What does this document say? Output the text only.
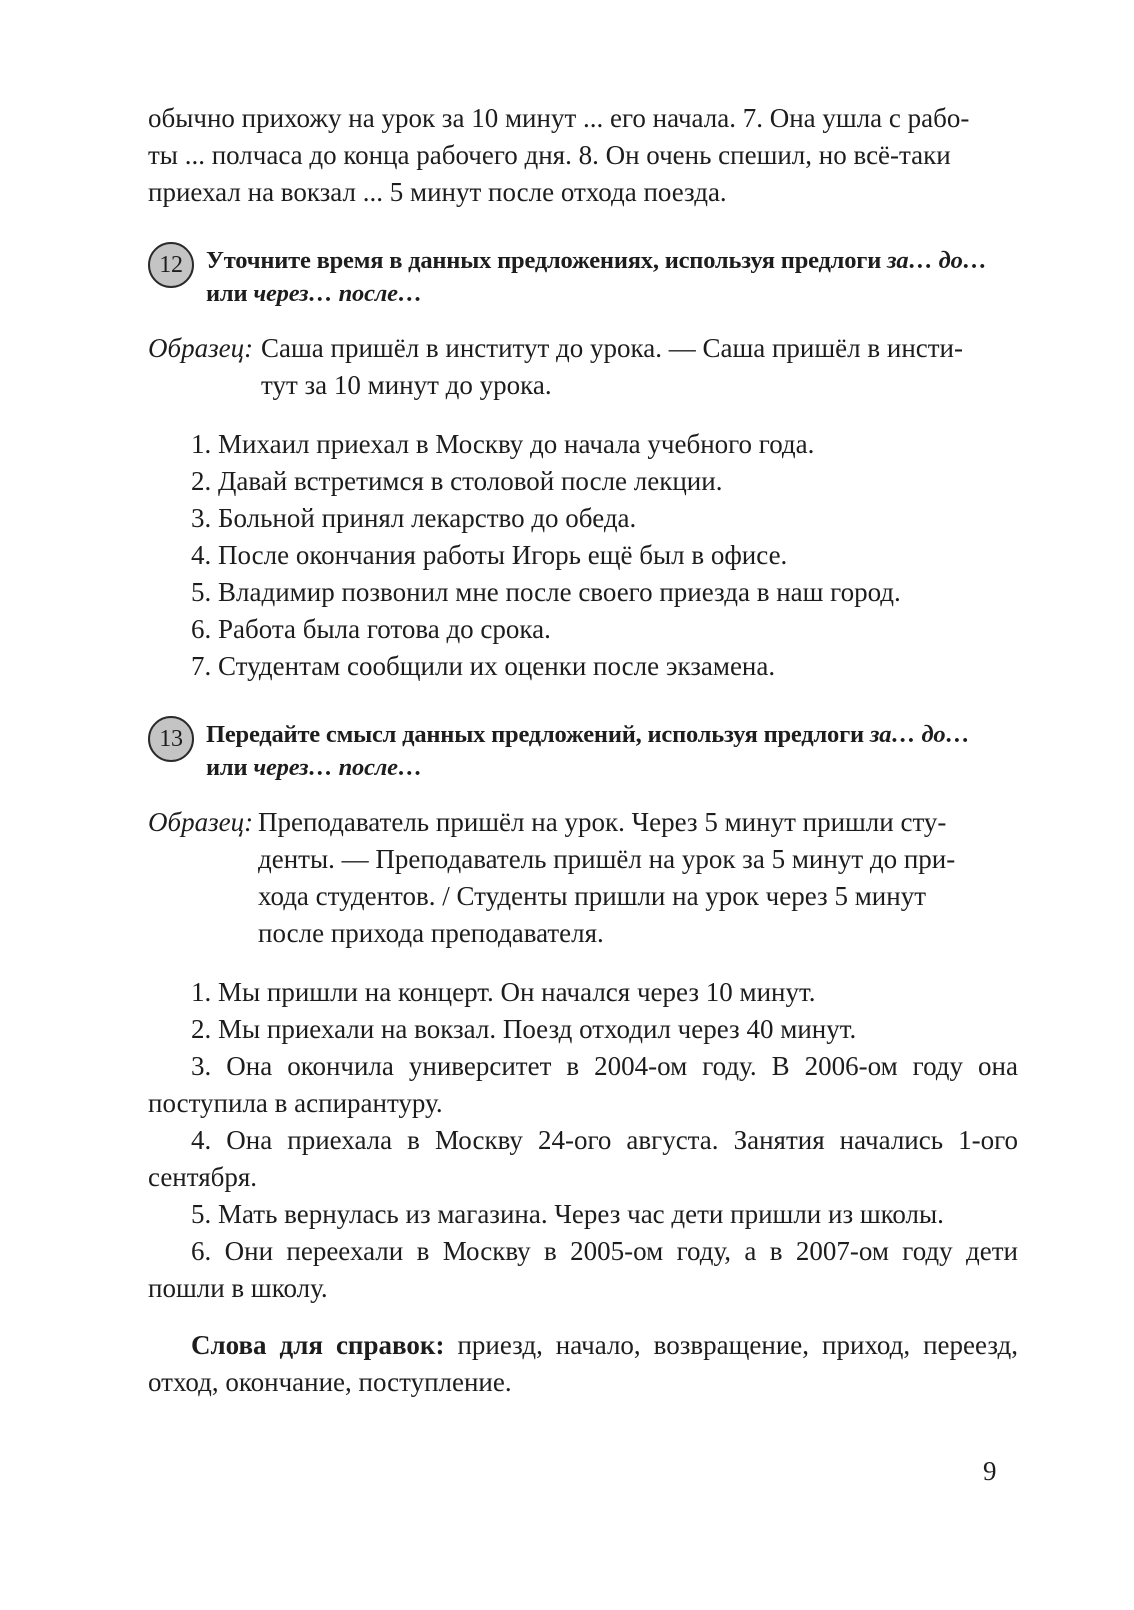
обычно прихожу на урок за 10 минут ... его начала. 7. Она ушла с рабо-
ты ... полчаса до конца рабочего дня. 8. Он очень спешил, но всё-таки
приехал на вокзал ... 5 минут после отхода поезда.
12 Уточните время в данных предложениях, используя предлоги за… до…
или через… после…
Образец: Саша пришёл в институт до урока. — Саша пришёл в инсти-
тут за 10 минут до урока.
1. Михаил приехал в Москву до начала учебного года.
2. Давай встретимся в столовой после лекции.
3. Больной принял лекарство до обеда.
4. После окончания работы Игорь ещё был в офисе.
5. Владимир позвонил мне после своего приезда в наш город.
6. Работа была готова до срока.
7. Студентам сообщили их оценки после экзамена.
13 Передайте смысл данных предложений, используя предлоги за… до…
или через… после…
Образец: Преподаватель пришёл на урок. Через 5 минут пришли сту-
денты. — Преподаватель пришёл на урок за 5 минут до при-
хода студентов. / Студенты пришли на урок через 5 минут
после прихода преподавателя.
1. Мы пришли на концерт. Он начался через 10 минут.
2. Мы приехали на вокзал. Поезд отходил через 40 минут.
3. Она окончила университет в 2004-ом году. В 2006-ом году она поступила в аспирантуру.
4. Она приехала в Москву 24-ого августа. Занятия начались 1-ого сентября.
5. Мать вернулась из магазина. Через час дети пришли из школы.
6. Они переехали в Москву в 2005-ом году, а в 2007-ом году дети пошли в школу.
Слова для справок: приезд, начало, возвращение, приход, переезд, отход, окончание, поступление.
9
